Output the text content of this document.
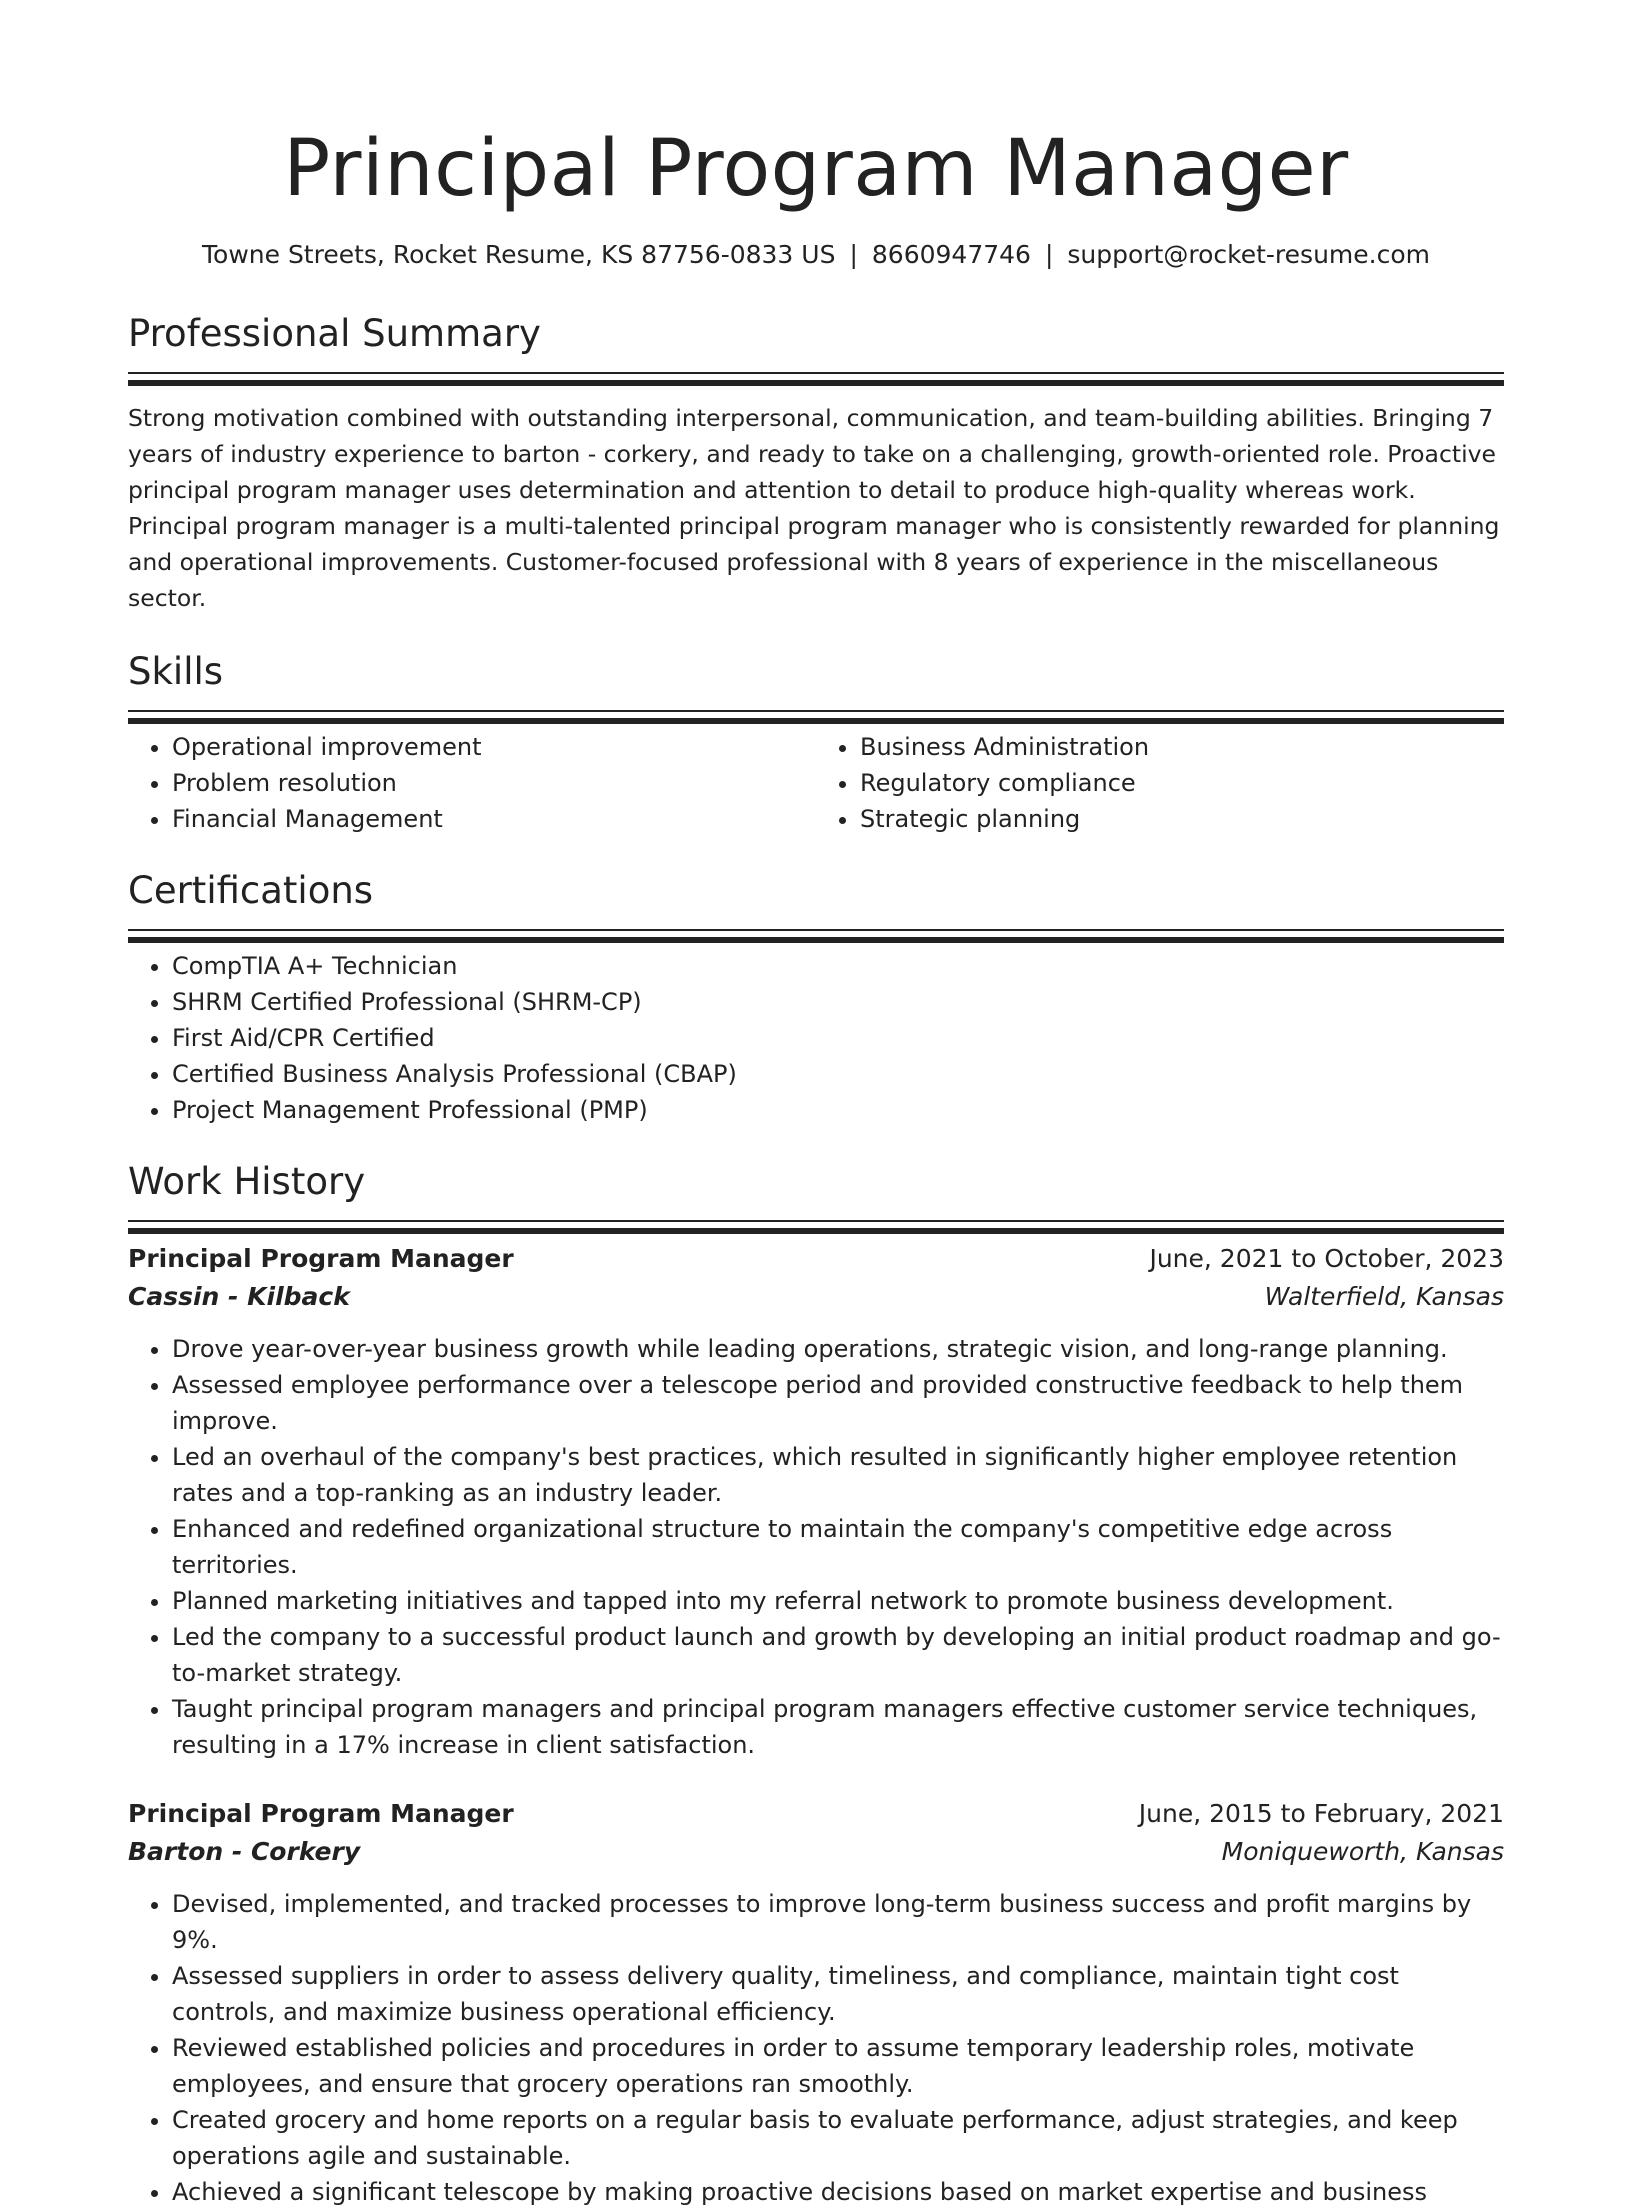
Principal Program Manager
Towne Streets, Rocket Resume, KS 87756-0833 US | 8660947746 | support@rocket-resume.com
Professional Summary

Strong motivation combined with outstanding interpersonal, communication, and team-building abilities. Bringing 7 years of industry experience to barton - corkery, and ready to take on a challenging, growth-oriented role. Proactive principal program manager uses determination and attention to detail to produce high-quality whereas work. Principal program manager is a multi-talented principal program manager who is consistently rewarded for planning and operational improvements. Customer-focused professional with 8 years of experience in the miscellaneous sector.

Skills
• Operational improvement
• Problem resolution
• Financial Management
• Business Administration
• Regulatory compliance
• Strategic planning
Certifications
• CompTIA A+ Technician
• SHRM Certified Professional (SHRM-CP)
• First Aid/CPR Certified
• Certified Business Analysis Professional (CBAP)
• Project Management Professional (PMP)
Work History
Principal Program Manager	June, 2021 to October, 2023
Cassin - Kilback	Walterfield, Kansas
• Drove year-over-year business growth while leading operations, strategic vision, and long-range planning.
• Assessed employee performance over a telescope period and provided constructive feedback to help them improve.
• Led an overhaul of the company's best practices, which resulted in significantly higher employee retention rates and a top-ranking as an industry leader.
• Enhanced and redefined organizational structure to maintain the company's competitive edge across territories.
• Planned marketing initiatives and tapped into my referral network to promote business development.
• Led the company to a successful product launch and growth by developing an initial product roadmap and go-to-market strategy.
• Taught principal program managers and principal program managers effective customer service techniques, resulting in a 17% increase in client satisfaction.
Principal Program Manager	June, 2015 to February, 2021
Barton - Corkery	Moniqueworth, Kansas
• Devised, implemented, and tracked processes to improve long-term business success and profit margins by 9%.
• Assessed suppliers in order to assess delivery quality, timeliness, and compliance, maintain tight cost controls, and maximize business operational efficiency.
• Reviewed established policies and procedures in order to assume temporary leadership roles, motivate employees, and ensure that grocery operations ran smoothly.
• Created grocery and home reports on a regular basis to evaluate performance, adjust strategies, and keep operations agile and sustainable.
• Achieved a significant telescope by making proactive decisions based on market expertise and business
